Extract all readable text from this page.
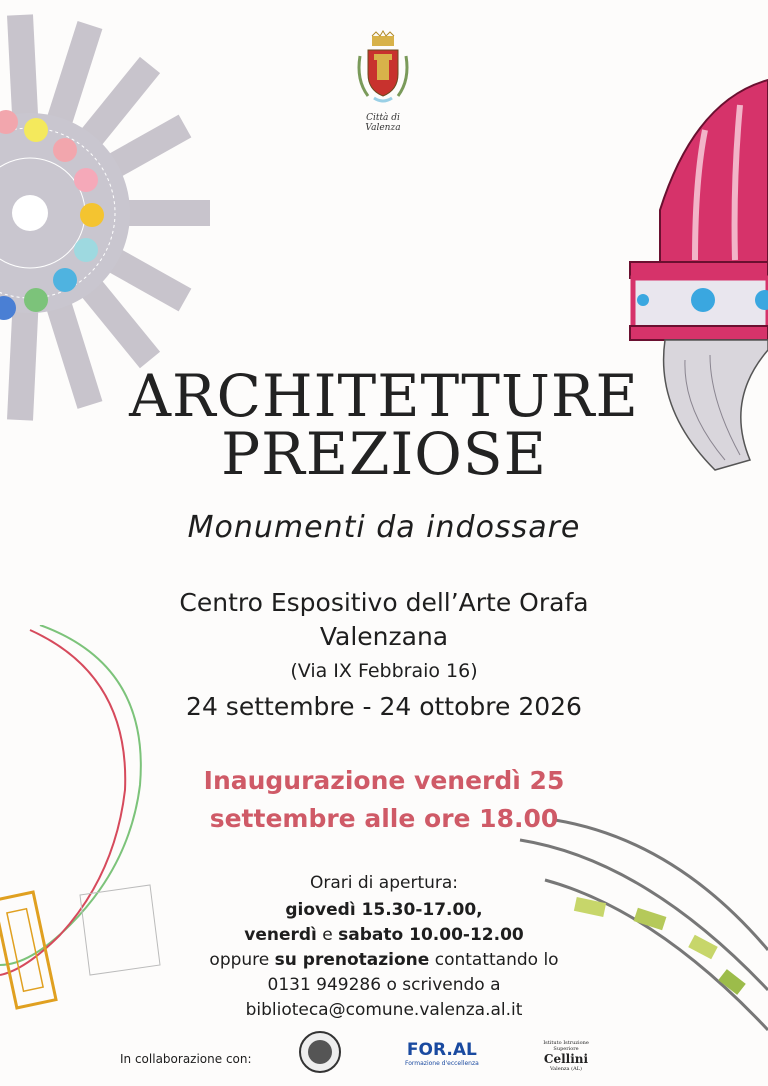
Città di Valenza
ARCHITETTURE
PREZIOSE
Monumenti da indossare
Centro Espositivo dell’Arte Orafa
Valenzana
(Via IX Febbraio 16)
24 settembre - 24 ottobre 2026
Inaugurazione venerdì 25
settembre alle ore 18.00
Orari di apertura:
giovedì 15.30-17.00,
venerdì e sabato 10.00-12.00
oppure su prenotazione contattando lo
0131 949286 o scrivendo a
biblioteca@comune.valenza.al.it
In collaborazione con:	FOR.AL
Formazione d'eccellenza
Istituto Istruzione Superiore
Cellini
Valenza (AL)
